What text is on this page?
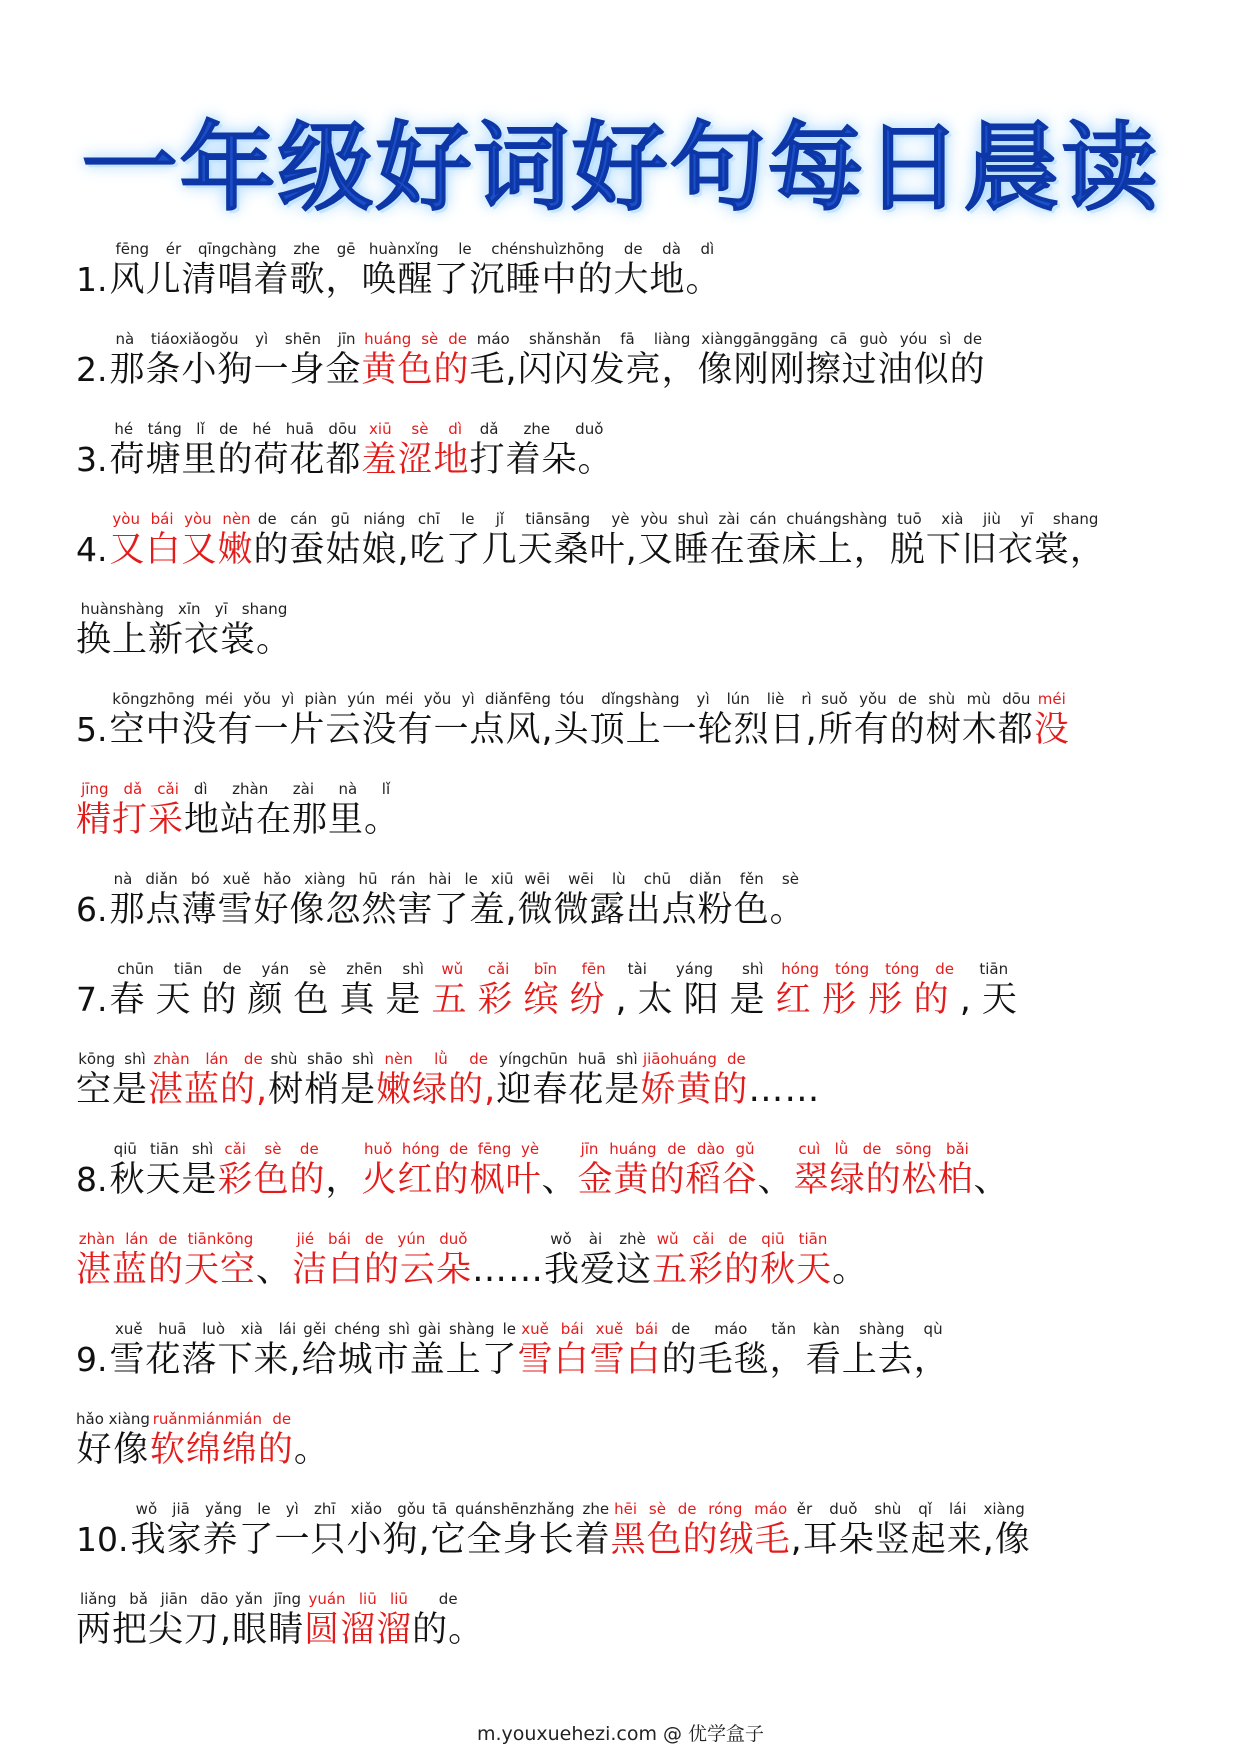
一年级好词好句每日晨读
1.风儿清唱着歌，fēng ér qīngchàng zhe gē唤醒了沉睡中的大地。huànxǐng le chénshuìzhōng de dà dì
2.那条小狗一身金nà tiáoxiǎogǒu yì shēn jīn黄色的huáng sè de毛,闪闪发亮，máo shǎnshǎn fā liàng像刚刚擦过油似的xiànggānggāng cā guò yóu sì de
3.荷塘里的荷花都hé táng lǐ de hé huā dōu羞涩地xiū sè dì打着朵。dǎ zhe duǒ
4.又白又嫩yòu bái yòu nèn的蚕姑娘,de cán gū niáng吃了几天桑叶,chī le jǐ tiānsāng yè又睡在蚕床上，yòu shuì zài cán chuángshàng脱下旧衣裳，tuō xià jiù yī shang
换上新衣裳。huànshàng xīn yī shang
5.空中没有一片云没有一点风,kōngzhōng méi yǒu yì piàn yún méi yǒu yì diǎnfēng头顶上一轮烈日,tóu dǐngshàng yì lún liè rì所有的树木都suǒ yǒu de shù mù dōu没méi
精打采jīng dǎ cǎi地站在那里。dì zhàn zài nà lǐ
6.那点薄雪好像忽然害了羞,nà diǎn bó xuě hǎo xiàng hū rán hài le xiū微微露出点粉色。wēi wēi lù chū diǎn fěn sè
7.春天的颜色真是chūn tiān de yán sè zhēn shì五彩缤纷wǔ cǎi bīn fēn,太阳是tài yáng shì红彤彤的hóng tóng tóng de,天tiān
空是kōng shì湛蓝的,zhàn lán de树梢是shù shāo shì嫩绿的,nèn lǜ de迎春花是yíngchūn huā shì娇黄的jiāohuáng de……
8.秋天是qiū tiān shì彩色的cǎi sè de， 火红的枫叶huǒ hóng de fēng yè、 金黄的稻谷jīn huáng de dào gǔ、 翠绿的松柏cuì lǜ de sōng bǎi、
湛蓝的天空zhàn lán de tiānkōng、 洁白的云朵jié bái de yún duǒ…… 我爱这wǒ ài zhè五彩的秋天wǔ cǎi de qiū tiān。
9.雪花落下来,xuě huā luò xià lái给城市盖上了gěi chéng shì gài shàng le雪白雪白xuě bái xuě bái的毛毯，de máo tǎn看上去，kàn shàng qù
好像hǎo xiàng软绵绵的ruǎnmiánmián de。
10.我家养了一只小狗,wǒ jiā yǎng le yì zhī xiǎo gǒu它全身长着tā quánshēnzhǎng zhe黑色的绒毛hēi sè de róng máo,耳朵竖起来,像ěr duǒ shù qǐ lái xiàng
两把尖刀,liǎng bǎ jiān dāo眼睛yǎn jīng圆溜溜yuán liū liū的。de
m.youxuehezi.com @ 优学盒子
